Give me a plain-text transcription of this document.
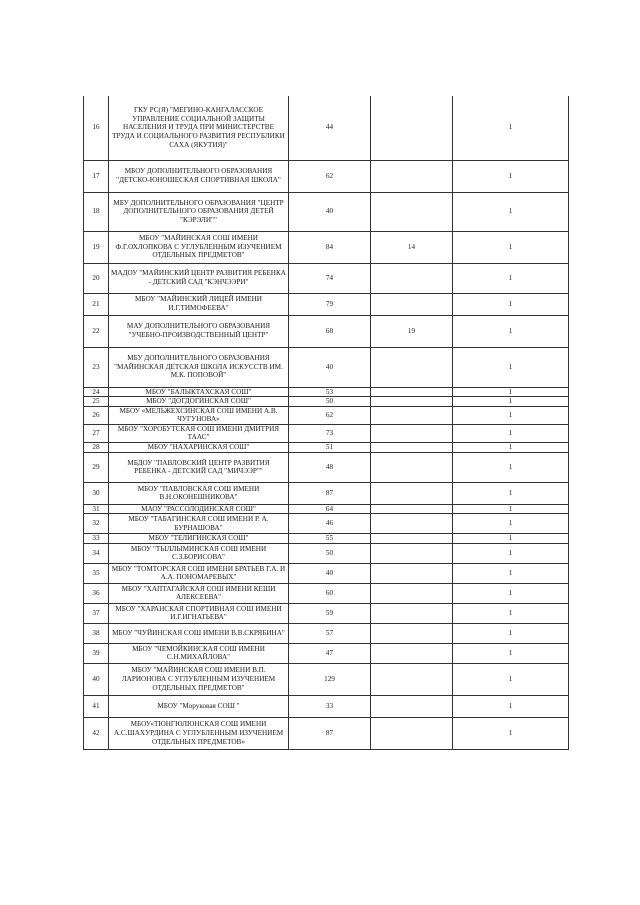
16	ГКУ РС(Я) "МЕГИНО-КАНГАЛАССКОЕ УПРАВЛЕНИЕ СОЦИАЛЬНОЙ ЗАЩИТЫ НАСЕЛЕНИЯ И ТРУДА ПРИ МИНИСТЕРСТВЕ ТРУДА И СОЦИАЛЬНОГО РАЗВИТИЯ РЕСПУБЛИКИ САХА (ЯКУТИЯ)"	44		1
17	МБОУ ДОПОЛНИТЕЛЬНОГО ОБРАЗОВАНИЯ "ДЕТСКО-ЮНОШЕСКАЯ СПОРТИВНАЯ ШКОЛА"	62		1
18	МБУ ДОПОЛНИТЕЛЬНОГО ОБРАЗОВАНИЯ "ЦЕНТР ДОПОЛНИТЕЛЬНОГО ОБРАЗОВАНИЯ ДЕТЕЙ "КЭРЭЛИ""	40		1
19	МБОУ "МАЙИНСКАЯ СОШ ИМЕНИ Ф.Г.ОХЛОПКОВА С УГЛУБЛЕННЫМ ИЗУЧЕНИЕМ ОТДЕЛЬНЫХ ПРЕДМЕТОВ"	84	14	1
20	МАДОУ "МАЙИНСКИЙ ЦЕНТР РАЗВИТИЯ РЕБЕНКА - ДЕТСКИЙ САД "КЭНЧЭЭРИ"	74		1
21	МБОУ "МАЙИНСКИЙ ЛИЦЕЙ ИМЕНИ И.Г.ТИМОФЕЕВА"	79		1
22	МАУ ДОПОЛНИТЕЛЬНОГО ОБРАЗОВАНИЯ "УЧЕБНО-ПРОИЗВОДСТВЕННЫЙ ЦЕНТР"	68	19	1
23	МБУ ДОПОЛНИТЕЛЬНОГО ОБРАЗОВАНИЯ "МАЙИНСКАЯ ДЕТСКАЯ ШКОЛА ИСКУССТВ ИМ. М.К. ПОПОВОЙ"	40		1
24	МБОУ "БАЛЫКТАХСКАЯ СОШ"	53		1
25	МБОУ "ДОГДОГИНСКАЯ СОШ"	50		1
26	МБОУ «МЕЛЬЖЕХСИНСКАЯ СОШ ИМЕНИ А.В. ЧУГУНОВА»	62		1
27	МБОУ "ХОРОБУТСКАЯ СОШ ИМЕНИ ДМИТРИЯ ТААС"	73		1
28	МБОУ "НАХАРИНСКАЯ СОШ"	51		1
29	МБДОУ "ПАВЛОВСКИЙ ЦЕНТР РАЗВИТИЯ РЕБЕНКА - ДЕТСКИЙ САД "МИЧЭЭР""	48		1
30	МБОУ "ПАВЛОВСКАЯ СОШ ИМЕНИ В.Н.ОКОНЕШНИКОВА"	87		1
31	МАОУ "РАССОЛОДИНСКАЯ СОШ"	64		1
32	МБОУ "ТАБАГИНСКАЯ СОШ ИМЕНИ Р. А. БУРНАШОВА"	46		1
33	МБОУ "ТЕЛИГИНСКАЯ СОШ"	55		1
34	МБОУ "ТЫЛЛЫМИНСКАЯ СОШ ИМЕНИ С.З.БОРИСОВА"	50		1
35	МБОУ "ТОМТОРСКАЯ СОШ ИМЕНИ БРАТЬЕВ Г.А. И А.А. ПОНОМАРЕВЫХ"	40		1
36	МБОУ "ХАПТАГАЙСКАЯ СОШ ИМЕНИ КЕШИ АЛЕКСЕЕВА"	60		1
37	МБОУ "ХАРАНСКАЯ СПОРТИВНАЯ СОШ ИМЕНИ И.Г.ИГНАТЬЕВА"	59		1
38	МБОУ "ЧУЙИНСКАЯ СОШ ИМЕНИ В.В.СКРЯБИНА"	57		1
39	МБОУ "ЧЕМОЙКИНСКАЯ СОШ ИМЕНИ С.Н.МИХАЙЛОВА"	47		1
40	МБОУ "МАЙИНСКАЯ СОШ ИМЕНИ В.П. ЛАРИОНОВА С УГЛУБЛЕННЫМ ИЗУЧЕНИЕМ ОТДЕЛЬНЫХ ПРЕДМЕТОВ"	129		1
41	МБОУ "Моруковая СОШ "	33		1
42	МБОУ«ТЮНГЮЛЮНСКАЯ СОШ ИМЕНИ А.С.ШАХУРДИНА С УГЛУБЛЕННЫМ ИЗУЧЕНИЕМ ОТДЕЛЬНЫХ ПРЕДМЕТОВ»	87		1
